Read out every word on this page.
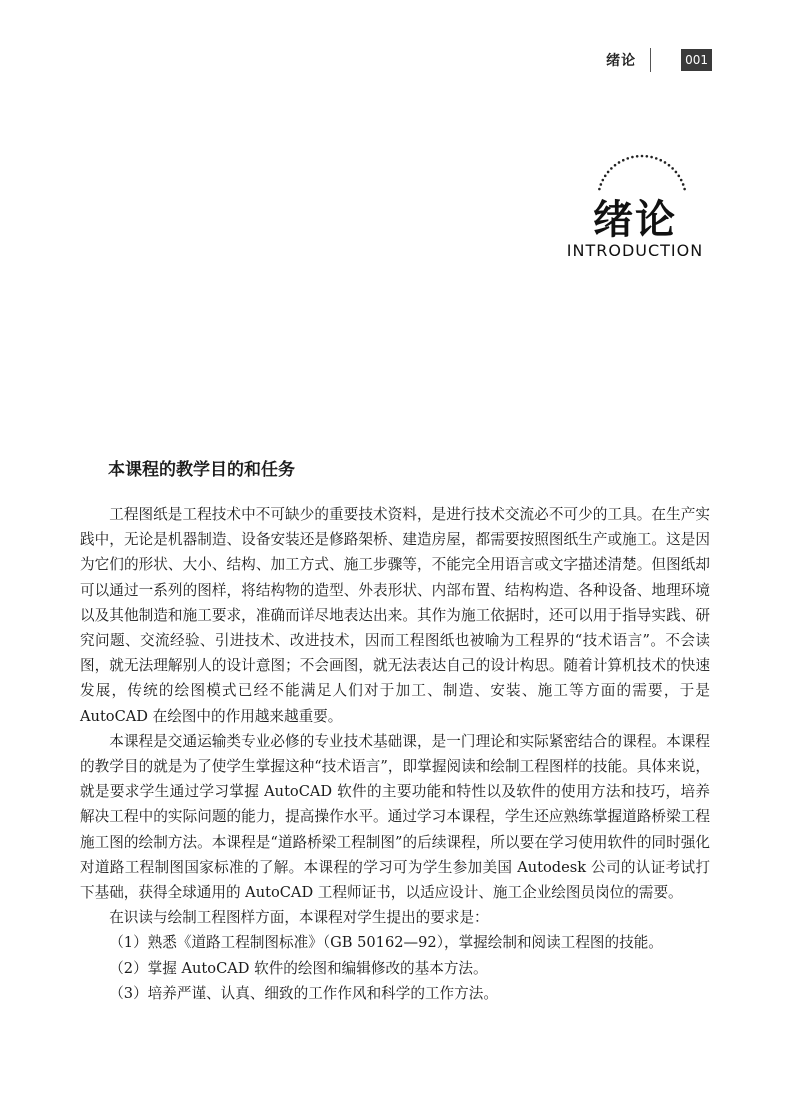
绪论	001
绪论
INTRODUCTION
本课程的教学目的和任务

工程图纸是工程技术中不可缺少的重要技术资料，是进行技术交流必不可少的工具。在生产实践中，无论是机器制造、设备安装还是修路架桥、建造房屋，都需要按照图纸生产或施工。这是因为它们的形状、大小、结构、加工方式、施工步骤等，不能完全用语言或文字描述清楚。但图纸却可以通过一系列的图样，将结构物的造型、外表形状、内部布置、结构构造、各种设备、地理环境以及其他制造和施工要求，准确而详尽地表达出来。其作为施工依据时，还可以用于指导实践、研究问题、交流经验、引进技术、改进技术，因而工程图纸也被喻为工程界的“技术语言”。不会读图，就无法理解别人的设计意图；不会画图，就无法表达自己的设计构思。随着计算机技术的快速发展，传统的绘图模式已经不能满足人们对于加工、制造、安装、施工等方面的需要，于是 AutoCAD 在绘图中的作用越来越重要。

本课程是交通运输类专业必修的专业技术基础课，是一门理论和实际紧密结合的课程。本课程的教学目的就是为了使学生掌握这种“技术语言”，即掌握阅读和绘制工程图样的技能。具体来说，就是要求学生通过学习掌握 AutoCAD 软件的主要功能和特性以及软件的使用方法和技巧，培养解决工程中的实际问题的能力，提高操作水平。通过学习本课程，学生还应熟练掌握道路桥梁工程施工图的绘制方法。本课程是“道路桥梁工程制图”的后续课程，所以要在学习使用软件的同时强化对道路工程制图国家标准的了解。本课程的学习可为学生参加美国 Autodesk 公司的认证考试打下基础，获得全球通用的 AutoCAD 工程师证书，以适应设计、施工企业绘图员岗位的需要。

在识读与绘制工程图样方面，本课程对学生提出的要求是：

（1）熟悉《道路工程制图标准》（GB 50162—92），掌握绘制和阅读工程图的技能。

（2）掌握 AutoCAD 软件的绘图和编辑修改的基本方法。

（3）培养严谨、认真、细致的工作作风和科学的工作方法。
